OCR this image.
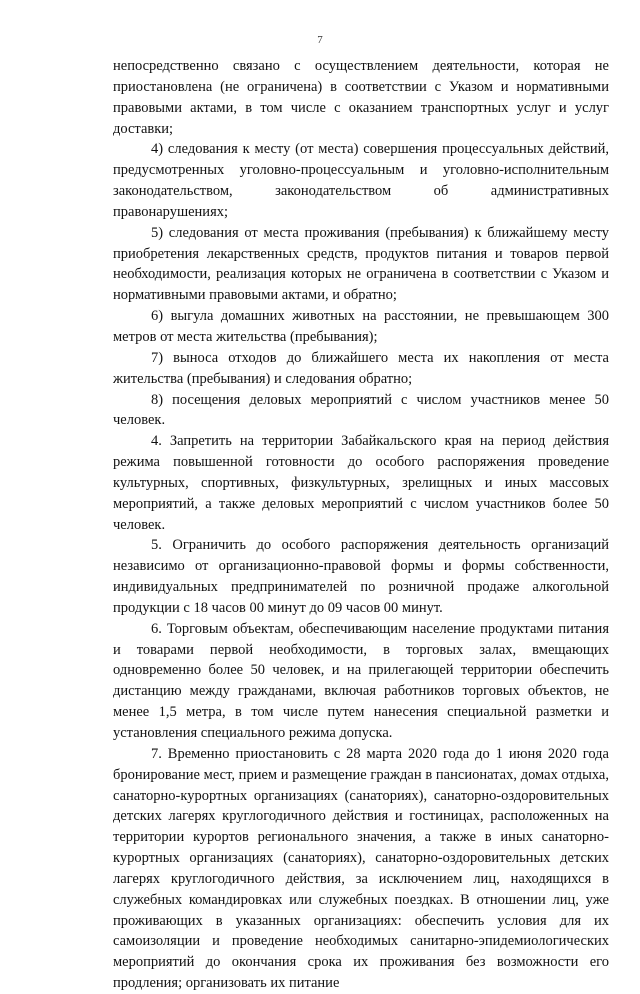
7

непосредственно связано с осуществлением деятельности, которая не приостановлена (не ограничена) в соответствии с Указом и нормативными правовыми актами, в том числе с оказанием транспортных услуг и услуг доставки;

4) следования к месту (от места) совершения процессуальных действий, предусмотренных уголовно-процессуальным и уголовно-исполнительным законодательством, законодательством об административных правонарушениях;

5) следования от места проживания (пребывания) к ближайшему месту приобретения лекарственных средств, продуктов питания и товаров первой необходимости, реализация которых не ограничена в соответствии с Указом и нормативными правовыми актами, и обратно;

6) выгула домашних животных на расстоянии, не превышающем 300 метров от места жительства (пребывания);

7) выноса отходов до ближайшего места их накопления от места жительства (пребывания) и следования обратно;

8) посещения деловых мероприятий с числом участников менее 50 человек.

4. Запретить на территории Забайкальского края на период действия режима повышенной готовности до особого распоряжения проведение культурных, спортивных, физкультурных, зрелищных и иных массовых мероприятий, а также деловых мероприятий с числом участников более 50 человек.

5. Ограничить до особого распоряжения деятельность организаций независимо от организационно-правовой формы и формы собственности, индивидуальных предпринимателей по розничной продаже алкогольной продукции с 18 часов 00 минут до 09 часов 00 минут.

6. Торговым объектам, обеспечивающим население продуктами питания и товарами первой необходимости, в торговых залах, вмещающих одновременно более 50 человек, и на прилегающей территории обеспечить дистанцию между гражданами, включая работников торговых объектов, не менее 1,5 метра, в том числе путем нанесения специальной разметки и установления специального режима допуска.

7. Временно приостановить с 28 марта 2020 года до 1 июня 2020 года бронирование мест, прием и размещение граждан в пансионатах, домах отдыха, санаторно-курортных организациях (санаториях), санаторно-оздоровительных детских лагерях круглогодичного действия и гостиницах, расположенных на территории курортов регионального значения, а также в иных санаторно-курортных организациях (санаториях), санаторно-оздоровительных детских лагерях круглогодичного действия, за исключением лиц, находящихся в служебных командировках или служебных поездках. В отношении лиц, уже проживающих в указанных организациях: обеспечить условия для их самоизоляции и проведение необходимых санитарно-эпидемиологических мероприятий до окончания срока их проживания без возможности его продления; организовать их питание
